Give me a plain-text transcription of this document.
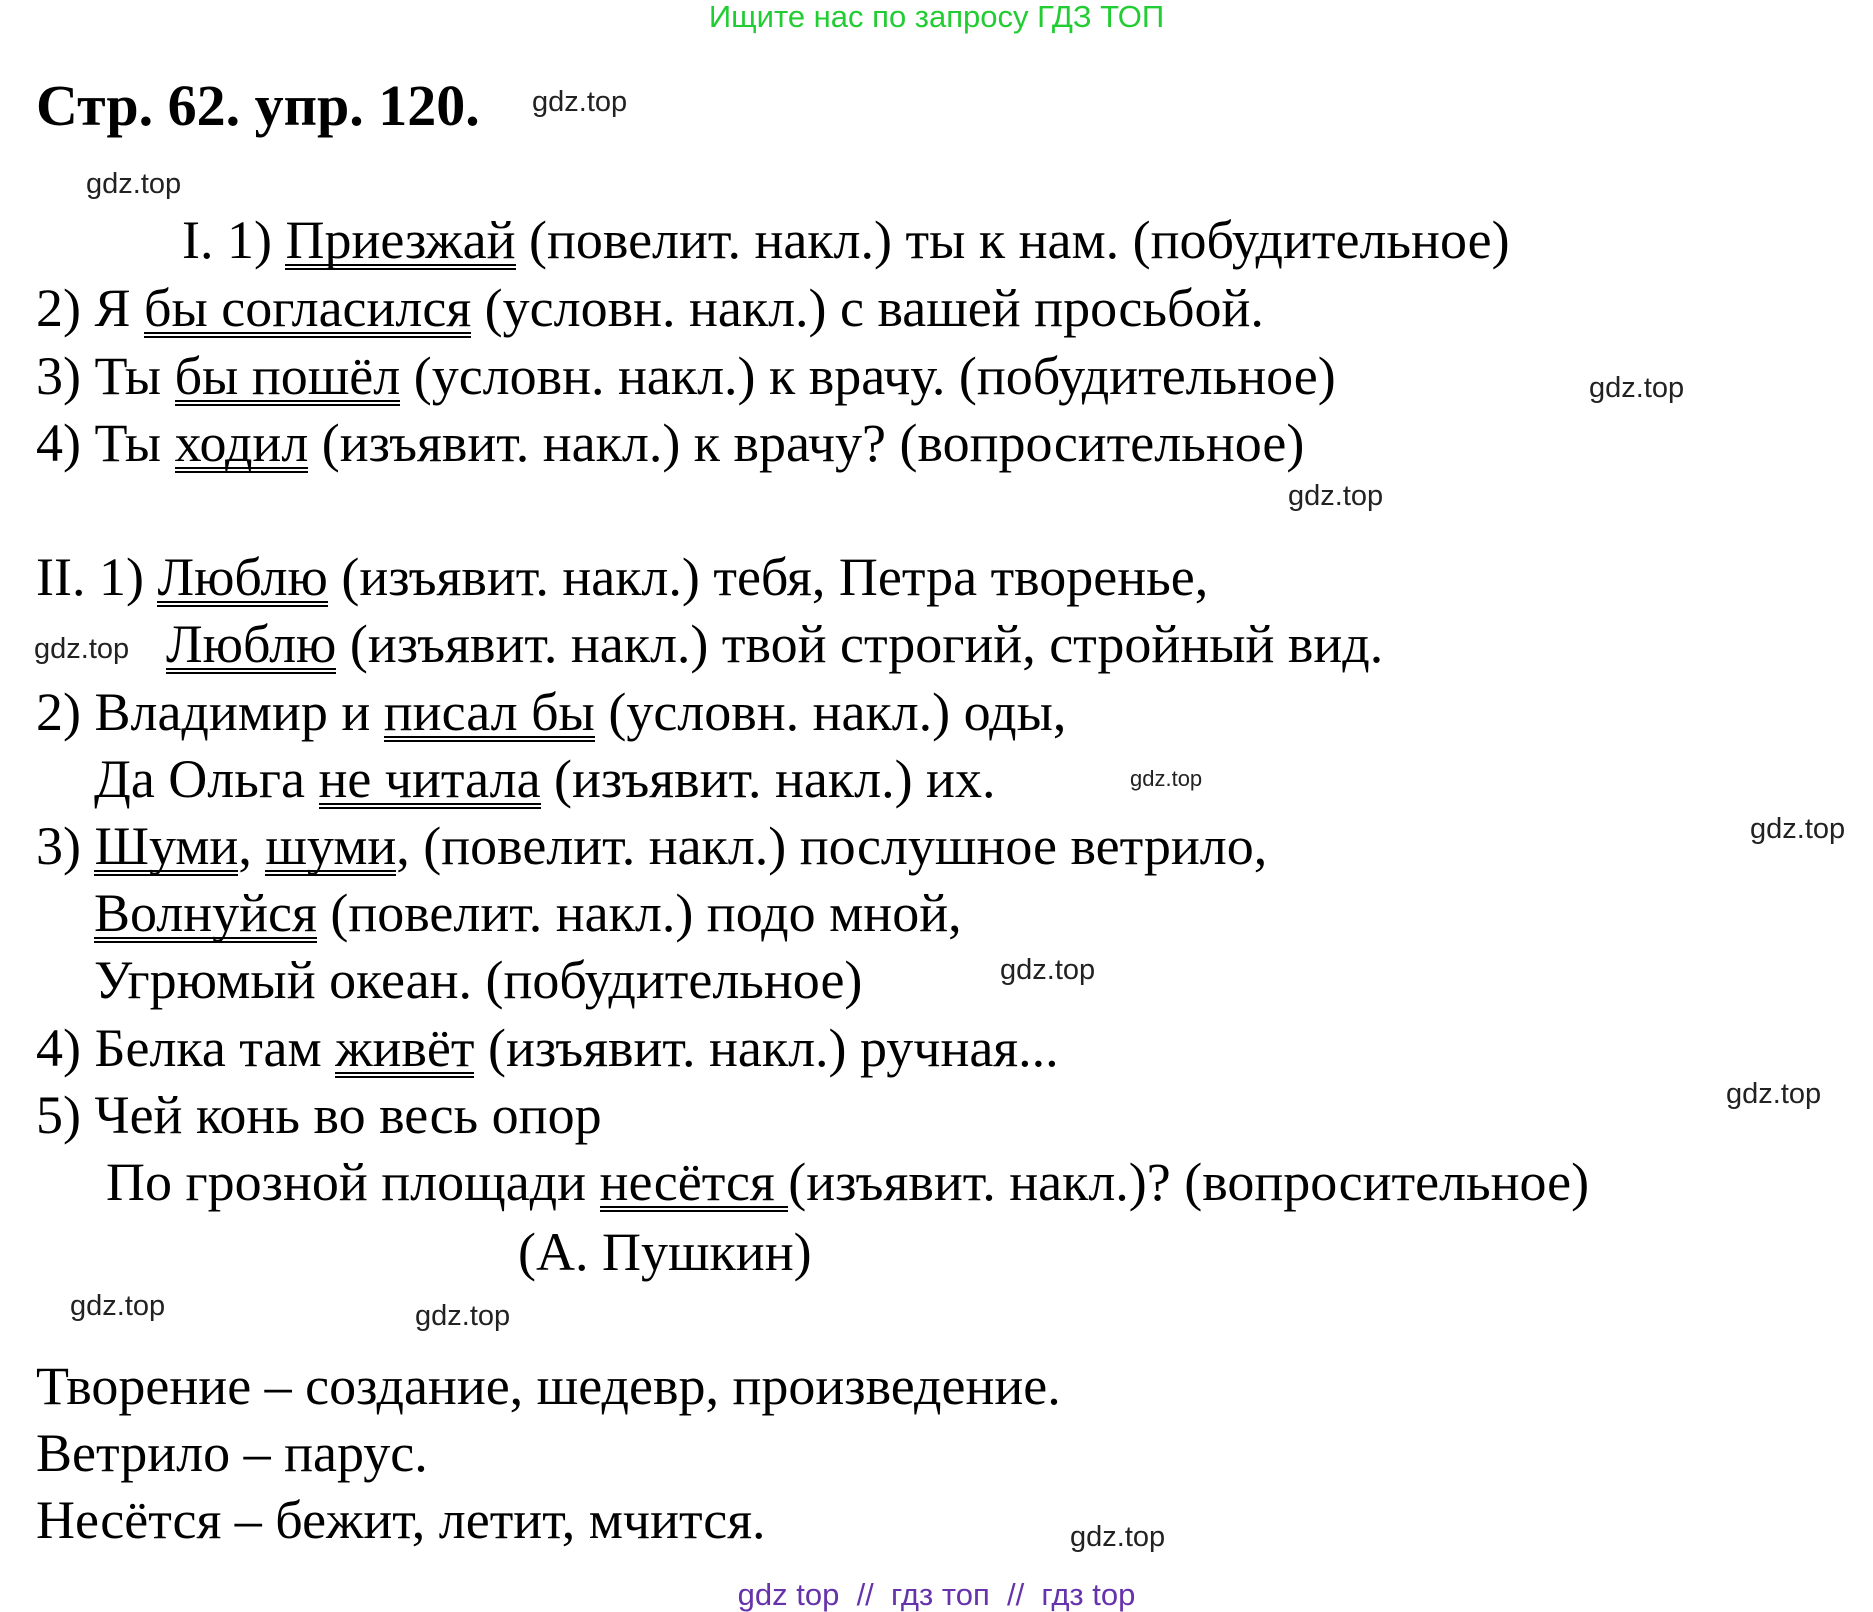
Ищите нас по запросу ГДЗ ТОП
Стр. 62. упр. 120.
I. 1) Приезжай (повелит. накл.) ты к нам. (побудительное)
2) Я бы согласился (условн. накл.) с вашей просьбой.
3) Ты бы пошёл (условн. накл.) к врачу. (побудительное)
4) Ты ходил (изъявит. накл.) к врачу? (вопросительное)
II. 1) Люблю (изъявит. накл.) тебя, Петра творенье,
Люблю (изъявит. накл.) твой строгий, стройный вид.
2) Владимир и писал бы (условн. накл.) оды,
Да Ольга не читала (изъявит. накл.) их.
3) Шуми, шуми, (повелит. накл.) послушное ветрило,
Волнуйся (повелит. накл.) подо мной,
Угрюмый океан. (побудительное)
4) Белка там живёт (изъявит. накл.) ручная...
5) Чей конь во весь опор
По грозной площади несётся (изъявит. накл.)? (вопросительное)
(А. Пушкин)
Творение – создание, шедевр, произведение.
Ветрило – парус.
Несётся – бежит, летит, мчится.
gdz.top
gdz.top
gdz.top
gdz.top
gdz.top
gdz.top
gdz.top
gdz.top
gdz.top
gdz.top	gdz.top
gdz.top
gdz top  //  гдз топ  //  гдз top
